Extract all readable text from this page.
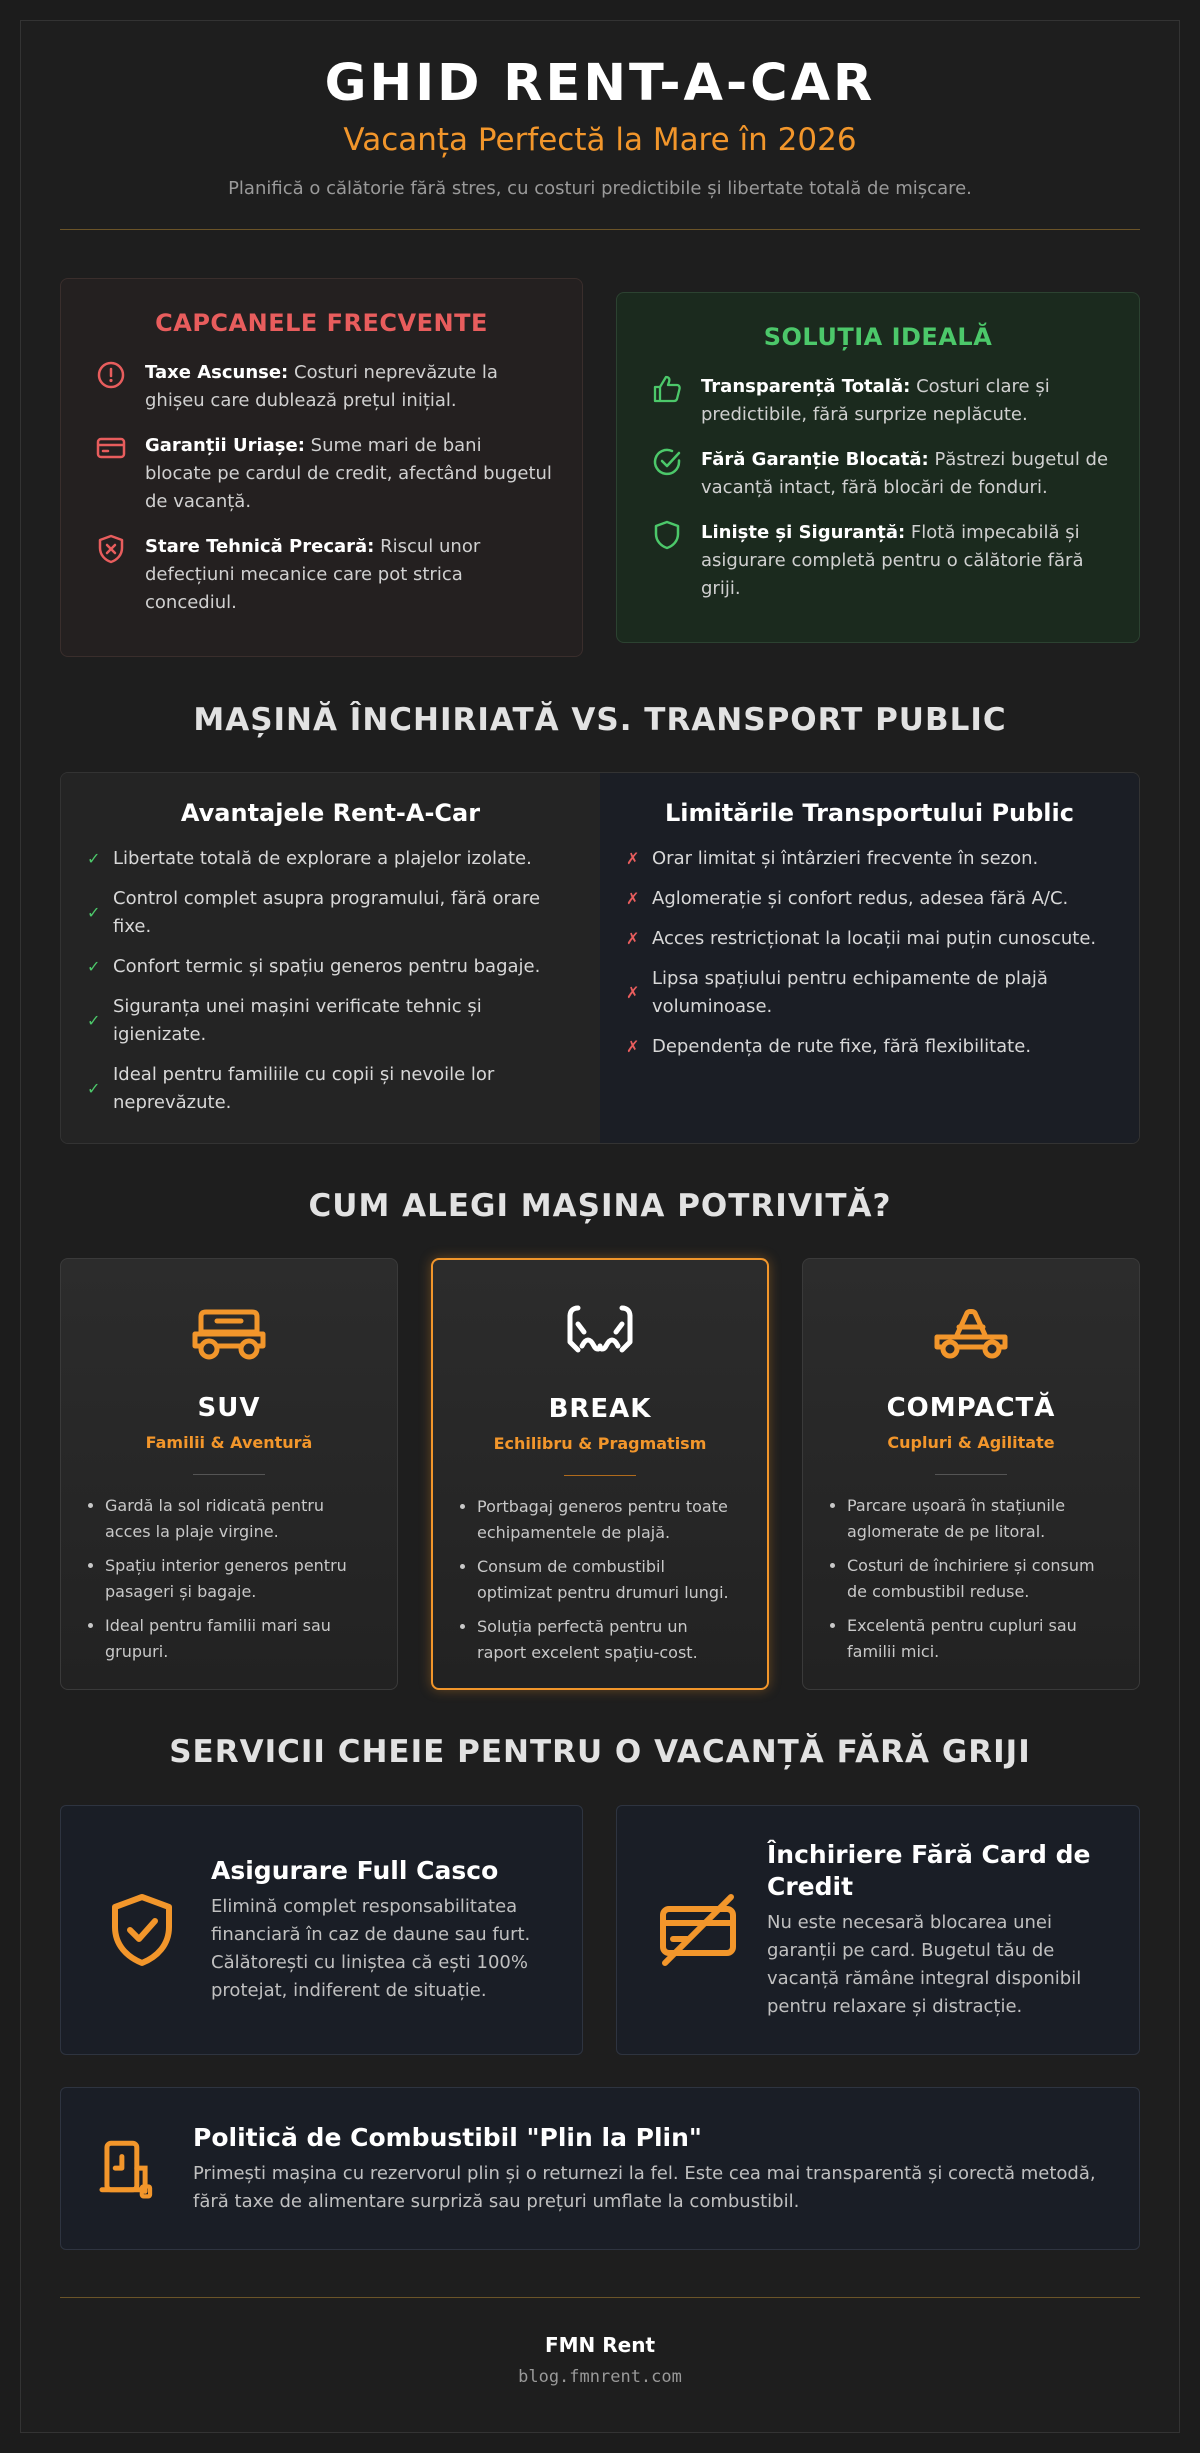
GHID RENT-A-CAR
Vacanța Perfectă la Mare în 2026

Planifică o călătorie fără stres, cu costuri predictibile și libertate totală de mișcare.

CAPCANELE FRECVENTE
Taxe Ascunse: Costuri neprevăzute la ghișeu care dublează prețul inițial.
Garanții Uriașe: Sume mari de bani blocate pe cardul de credit, afectând bugetul de vacanță.
Stare Tehnică Precară: Riscul unor defecțiuni mecanice care pot strica concediul.
SOLUȚIA IDEALĂ
Transparență Totală: Costuri clare și predictibile, fără surprize neplăcute.
Fără Garanție Blocată: Păstrezi bugetul de vacanță intact, fără blocări de fonduri.
Liniște și Siguranță: Flotă impecabilă și asigurare completă pentru o călătorie fără griji.
MAȘINĂ ÎNCHIRIATĂ VS. TRANSPORT PUBLIC
Avantajele Rent-A-Car
✓ Libertate totală de explorare a plajelor izolate.
✓
Control complet asupra programului, fără orare fixe.
✓ Confort termic și spațiu generos pentru bagaje.
✓
Siguranța unei mașini verificate tehnic și igienizate.
✓
Ideal pentru familiile cu copii și nevoile lor neprevăzute.
Limitările Transportului Public
✗ Orar limitat și întârzieri frecvente în sezon.
✗ Aglomerație și confort redus, adesea fără A/C.
✗ Acces restricționat la locații mai puțin cunoscute.
✗
Lipsa spațiului pentru echipamente de plajă voluminoase.
✗ Dependența de rute fixe, fără flexibilitate.
CUM ALEGI MAȘINA POTRIVITĂ?
SUV
Familii & Aventură
• Gardă la sol ridicată pentru acces la plaje virgine.
• Spațiu interior generos pentru pasageri și bagaje.
• Ideal pentru familii mari sau grupuri.
BREAK
Echilibru & Pragmatism
• Portbagaj generos pentru toate echipamentele de plajă.
• Consum de combustibil optimizat pentru drumuri lungi.
• Soluția perfectă pentru un raport excelent spațiu-cost.
COMPACTĂ
Cupluri & Agilitate
• Parcare ușoară în stațiunile aglomerate de pe litoral.
• Costuri de închiriere și consum de combustibil reduse.
• Excelentă pentru cupluri sau familii mici.
SERVICII CHEIE PENTRU O VACANȚĂ FĂRĂ GRIJI
Asigurare Full Casco

Elimină complet responsabilitatea financiară în caz de daune sau furt. Călătorești cu liniștea că ești 100% protejat, indiferent de situație.

Închiriere Fără Card de Credit

Nu este necesară blocarea unei garanții pe card. Bugetul tău de vacanță rămâne integral disponibil pentru relaxare și distracție.

Politică de Combustibil "Plin la Plin"

Primești mașina cu rezervorul plin și o returnezi la fel. Este cea mai transparentă și corectă metodă, fără taxe de alimentare surpriză sau prețuri umflate la combustibil.

FMN Rent
blog.fmnrent.com
